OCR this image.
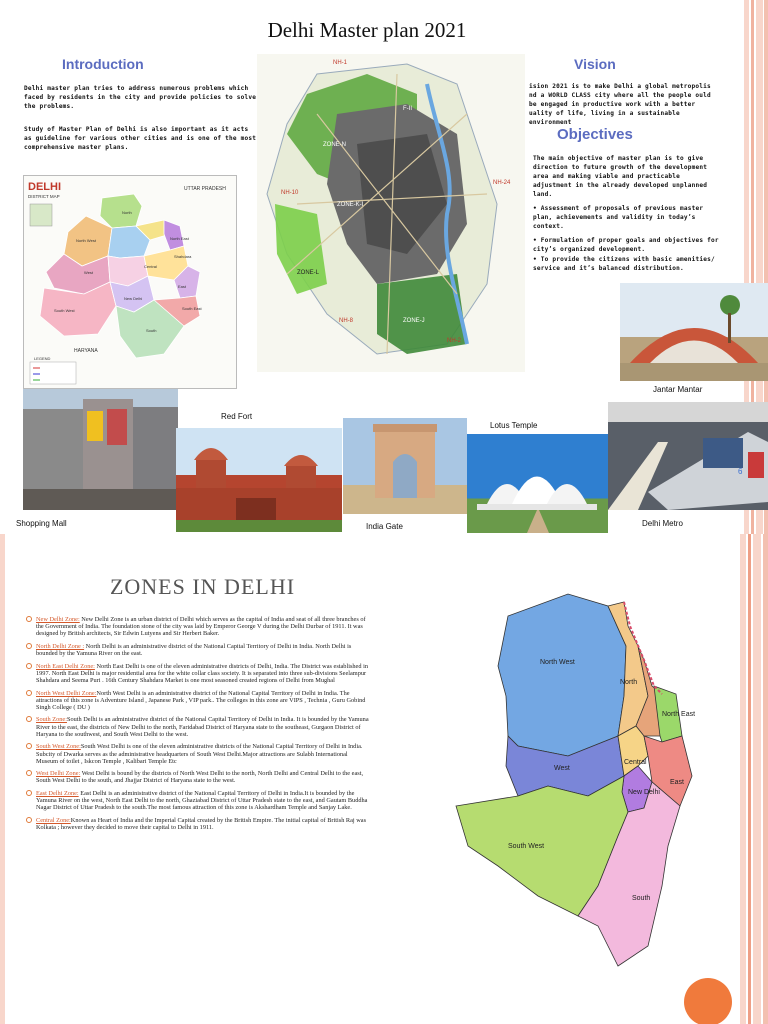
Delhi Master plan 2021
Introduction
Delhi master plan tries to address numerous problems which faced by residents in the city and provide policies to solve the problems.
Study of Master Plan of Delhi is also important as it acts as guideline for various other cities and is one of the most comprehensive master plans.
Vision
ision 2021 is to make Delhi a global metropolis nd a WORLD CLASS city where all the people ould be engaged in productive work with a better uality of life, living in a sustainable environment
Objectives
The main objective of master plan is to give direction to future growth of the development area and making viable and practicable adjustment in the already developed unplanned land.
• Assessment of proposals of previous master plan, achievements and validity in today’s context.
• Formulation of proper goals and objectives for city’s organized development.
• To provide the citizens with basic amenities/ service and it’s balanced distribution.
DELHI
DISTRICT MAP
North
North West
West
Central
South West
New Delhi
South
East
North East
Shahdara
South East
UTTAR PRADESH
HARYANA
LEGEND
NH-1
ZONE-N
NH-24
NH-10
ZONE-K-I
ZONE-L
NH-8	ZONE-J
NH-2
F-II
Jantar Mantar
Shopping Mall
Red Fort
India Gate
Lotus Temple
6
Delhi Metro
ZONES IN DELHI
New Delhi Zone: New Delhi Zone is an urban district of Delhi which serves as the capital of India and seat of all three branches of the Government of India. The foundation stone of the city was laid by Emperor George V during the Delhi Durbar of 1911. It was designed by British architects, Sir Edwin Lutyens and Sir Herbert Baker.
North Delhi Zone : North Delhi is an administrative district of the National Capital Territory of Delhi in India. North Delhi is bounded by the Yamuna River on the east.
North East Delhi Zone: North East Delhi is one of the eleven administrative districts of Delhi, India. The District was established in 1997. North East Delhi is major residential area for the white collar class society. It is separated into three sub-divisions Seelampur Shahdara and Seema Puri . 16th Century Shahdara Market is one most seasoned created regions of Delhi from Mughal
North West Delhi Zone:North West Delhi is an administrative district of the National Capital Territory of Delhi in India. The attractions of this zone is Adventure Island , Japanese Park , VIP park.. The colleges in this zone are VIPS , Technia , Guru Gobind Singh College ( DU )
South Zone:South Delhi is an administrative district of the National Capital Territory of Delhi in India. It is bounded by the Yamuna River to the east, the districts of New Delhi to the north, Faridabad District of Haryana state to the southeast, Gurgaon District of Haryana to the southwest, and South West Delhi to the west.
South West Zone:South West Delhi is one of the eleven administrative districts of the National Capital Territory of Delhi in India. Subcity of Dwarka serves as the administrative headquarters of South West Delhi.Major attractions are Sulabh International Museum of toilet , Iskcon Temple , Kalibari Temple Etc
West Delhi Zone: West Delhi is bound by the districts of North West Delhi to the north, North Delhi and Central Delhi to the east, South West Delhi to the south, and Jhajjar District of Haryana state to the west.
East Delhi Zone: East Delhi is an administrative district of the National Capital Territory of Delhi in India.It is bounded by the Yamuna River on the west, North East Delhi to the north, Ghaziabad District of Uttar Pradesh state to the east, and Gautam Buddha Nagar District of Uttar Pradesh to the south.The most famous attraction of this zone is Akshardham Temple and Sanjay Lake.
Central Zone:Known as Heart of India and the Imperial Capital created by the British Empire. The initial capital of British Raj was Kolkata ; however they decided to move their capital to Delhi in 1911.
North West
North
North East
West
Central
New Delhi
East
South West
South
